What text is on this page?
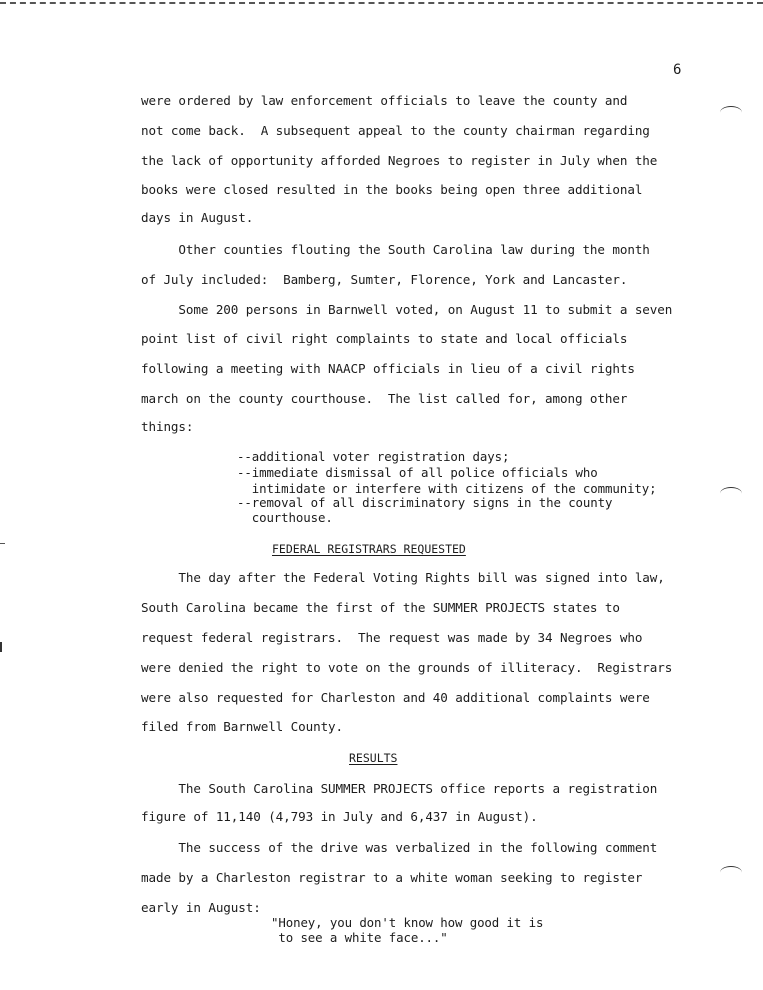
6
were ordered by law enforcement officials to leave the county and
not come back.  A subsequent appeal to the county chairman regarding
the lack of opportunity afforded Negroes to register in July when the
books were closed resulted in the books being open three additional
days in August.
Other counties flouting the South Carolina law during the month
of July included:  Bamberg, Sumter, Florence, York and Lancaster.
Some 200 persons in Barnwell voted, on August 11 to submit a seven
point list of civil right complaints to state and local officials
following a meeting with NAACP officials in lieu of a civil rights
march on the county courthouse.  The list called for, among other
things:
--additional voter registration days;
--immediate dismissal of all police officials who
intimidate or interfere with citizens of the community;
--removal of all discriminatory signs in the county
courthouse.
FEDERAL REGISTRARS REQUESTED
The day after the Federal Voting Rights bill was signed into law,
South Carolina became the first of the SUMMER PROJECTS states to
request federal registrars.  The request was made by 34 Negroes who
were denied the right to vote on the grounds of illiteracy.  Registrars
were also requested for Charleston and 40 additional complaints were
filed from Barnwell County.
RESULTS
The South Carolina SUMMER PROJECTS office reports a registration
figure of 11,140 (4,793 in July and 6,437 in August).
The success of the drive was verbalized in the following comment
made by a Charleston registrar to a white woman seeking to register
early in August:
"Honey, you don't know how good it is
to see a white face..."
